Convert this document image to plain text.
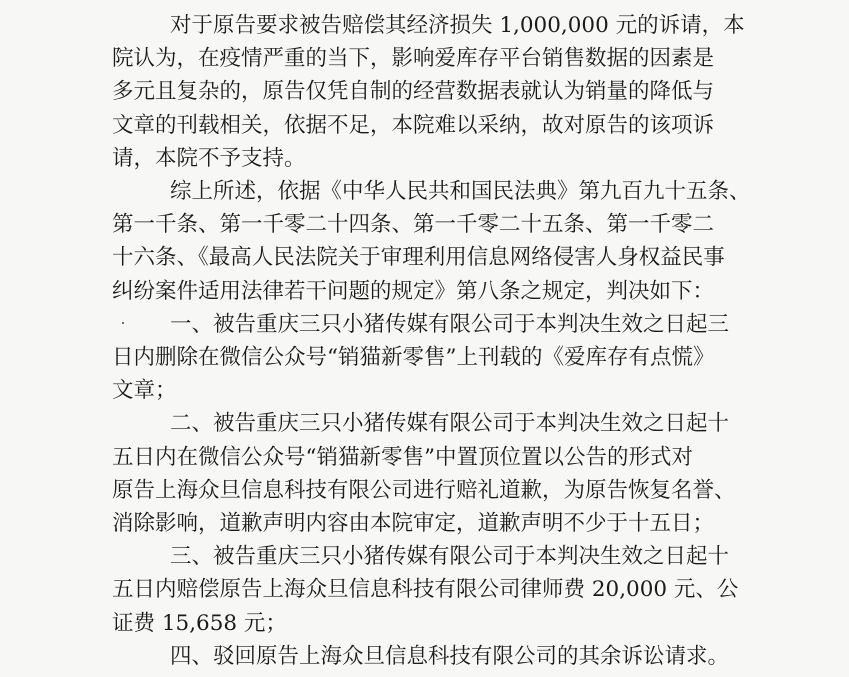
对于原告要求被告赔偿其经济损失 1,000,000 元的诉请，本
院认为，在疫情严重的当下，影响爱库存平台销售数据的因素是
多元且复杂的，原告仅凭自制的经营数据表就认为销量的降低与
文章的刊载相关，依据不足，本院难以采纳，故对原告的该项诉
请，本院不予支持。
综上所述，依据《中华人民共和国民法典》第九百九十五条、
第一千条、第一千零二十四条、第一千零二十五条、第一千零二
十六条、《最高人民法院关于审理利用信息网络侵害人身权益民事
纠纷案件适用法律若干问题的规定》第八条之规定，判决如下：
一、被告重庆三只小猪传媒有限公司于本判决生效之日起三
日内删除在微信公众号“销猫新零售”上刊载的《爱库存有点慌》
文章；
二、被告重庆三只小猪传媒有限公司于本判决生效之日起十
五日内在微信公众号“销猫新零售”中置顶位置以公告的形式对
原告上海众旦信息科技有限公司进行赔礼道歉，为原告恢复名誉、
消除影响，道歉声明内容由本院审定，道歉声明不少于十五日；
三、被告重庆三只小猪传媒有限公司于本判决生效之日起十
五日内赔偿原告上海众旦信息科技有限公司律师费 20,000 元、公
证费 15,658 元；
四、驳回原告上海众旦信息科技有限公司的其余诉讼请求。
